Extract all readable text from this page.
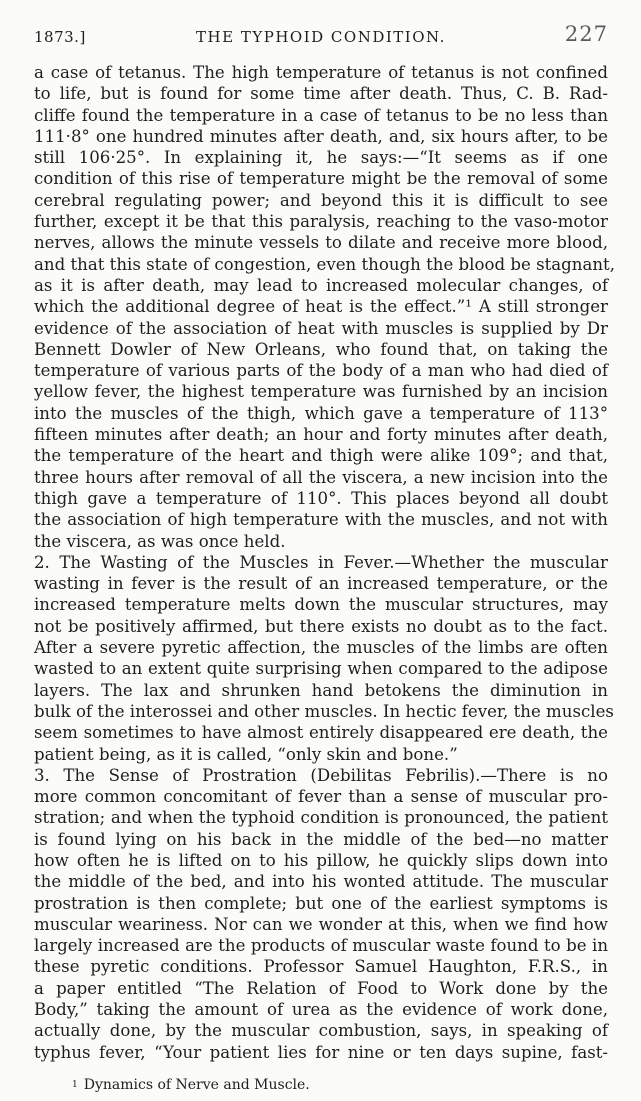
1873.]	THE TYPHOID CONDITION.	227
a case of tetanus. The high temperature of tetanus is not confined
to life, but is found for some time after death. Thus, C. B. Rad-
cliffe found the temperature in a case of tetanus to be no less than
111·8° one hundred minutes after death, and, six hours after, to be
still 106·25°. In explaining it, he says:—“It seems as if one
condition of this rise of temperature might be the removal of some
cerebral regulating power; and beyond this it is difficult to see
further, except it be that this paralysis, reaching to the vaso-motor
nerves, allows the minute vessels to dilate and receive more blood,
and that this state of congestion, even though the blood be stagnant,
as it is after death, may lead to increased molecular changes, of
which the additional degree of heat is the effect.”¹ A still stronger
evidence of the association of heat with muscles is supplied by Dr
Bennett Dowler of New Orleans, who found that, on taking the
temperature of various parts of the body of a man who had died of
yellow fever, the highest temperature was furnished by an incision
into the muscles of the thigh, which gave a temperature of 113°
fifteen minutes after death; an hour and forty minutes after death,
the temperature of the heart and thigh were alike 109°; and that,
three hours after removal of all the viscera, a new incision into the
thigh gave a temperature of 110°. This places beyond all doubt
the association of high temperature with the muscles, and not with
the viscera, as was once held.
2. The Wasting of the Muscles in Fever.—Whether the muscular
wasting in fever is the result of an increased temperature, or the
increased temperature melts down the muscular structures, may
not be positively affirmed, but there exists no doubt as to the fact.
After a severe pyretic affection, the muscles of the limbs are often
wasted to an extent quite surprising when compared to the adipose
layers. The lax and shrunken hand betokens the diminution in
bulk of the interossei and other muscles. In hectic fever, the muscles
seem sometimes to have almost entirely disappeared ere death, the
patient being, as it is called, “only skin and bone.”
3. The Sense of Prostration (Debilitas Febrilis).—There is no
more common concomitant of fever than a sense of muscular pro-
stration; and when the typhoid condition is pronounced, the patient
is found lying on his back in the middle of the bed—no matter
how often he is lifted on to his pillow, he quickly slips down into
the middle of the bed, and into his wonted attitude. The muscular
prostration is then complete; but one of the earliest symptoms is
muscular weariness. Nor can we wonder at this, when we find how
largely increased are the products of muscular waste found to be in
these pyretic conditions. Professor Samuel Haughton, F.R.S., in
a paper entitled “The Relation of Food to Work done by the
Body,” taking the amount of urea as the evidence of work done,
actually done, by the muscular combustion, says, in speaking of
typhus fever, “Your patient lies for nine or ten days supine, fast-
$^1$ Dynamics of Nerve and Muscle.
